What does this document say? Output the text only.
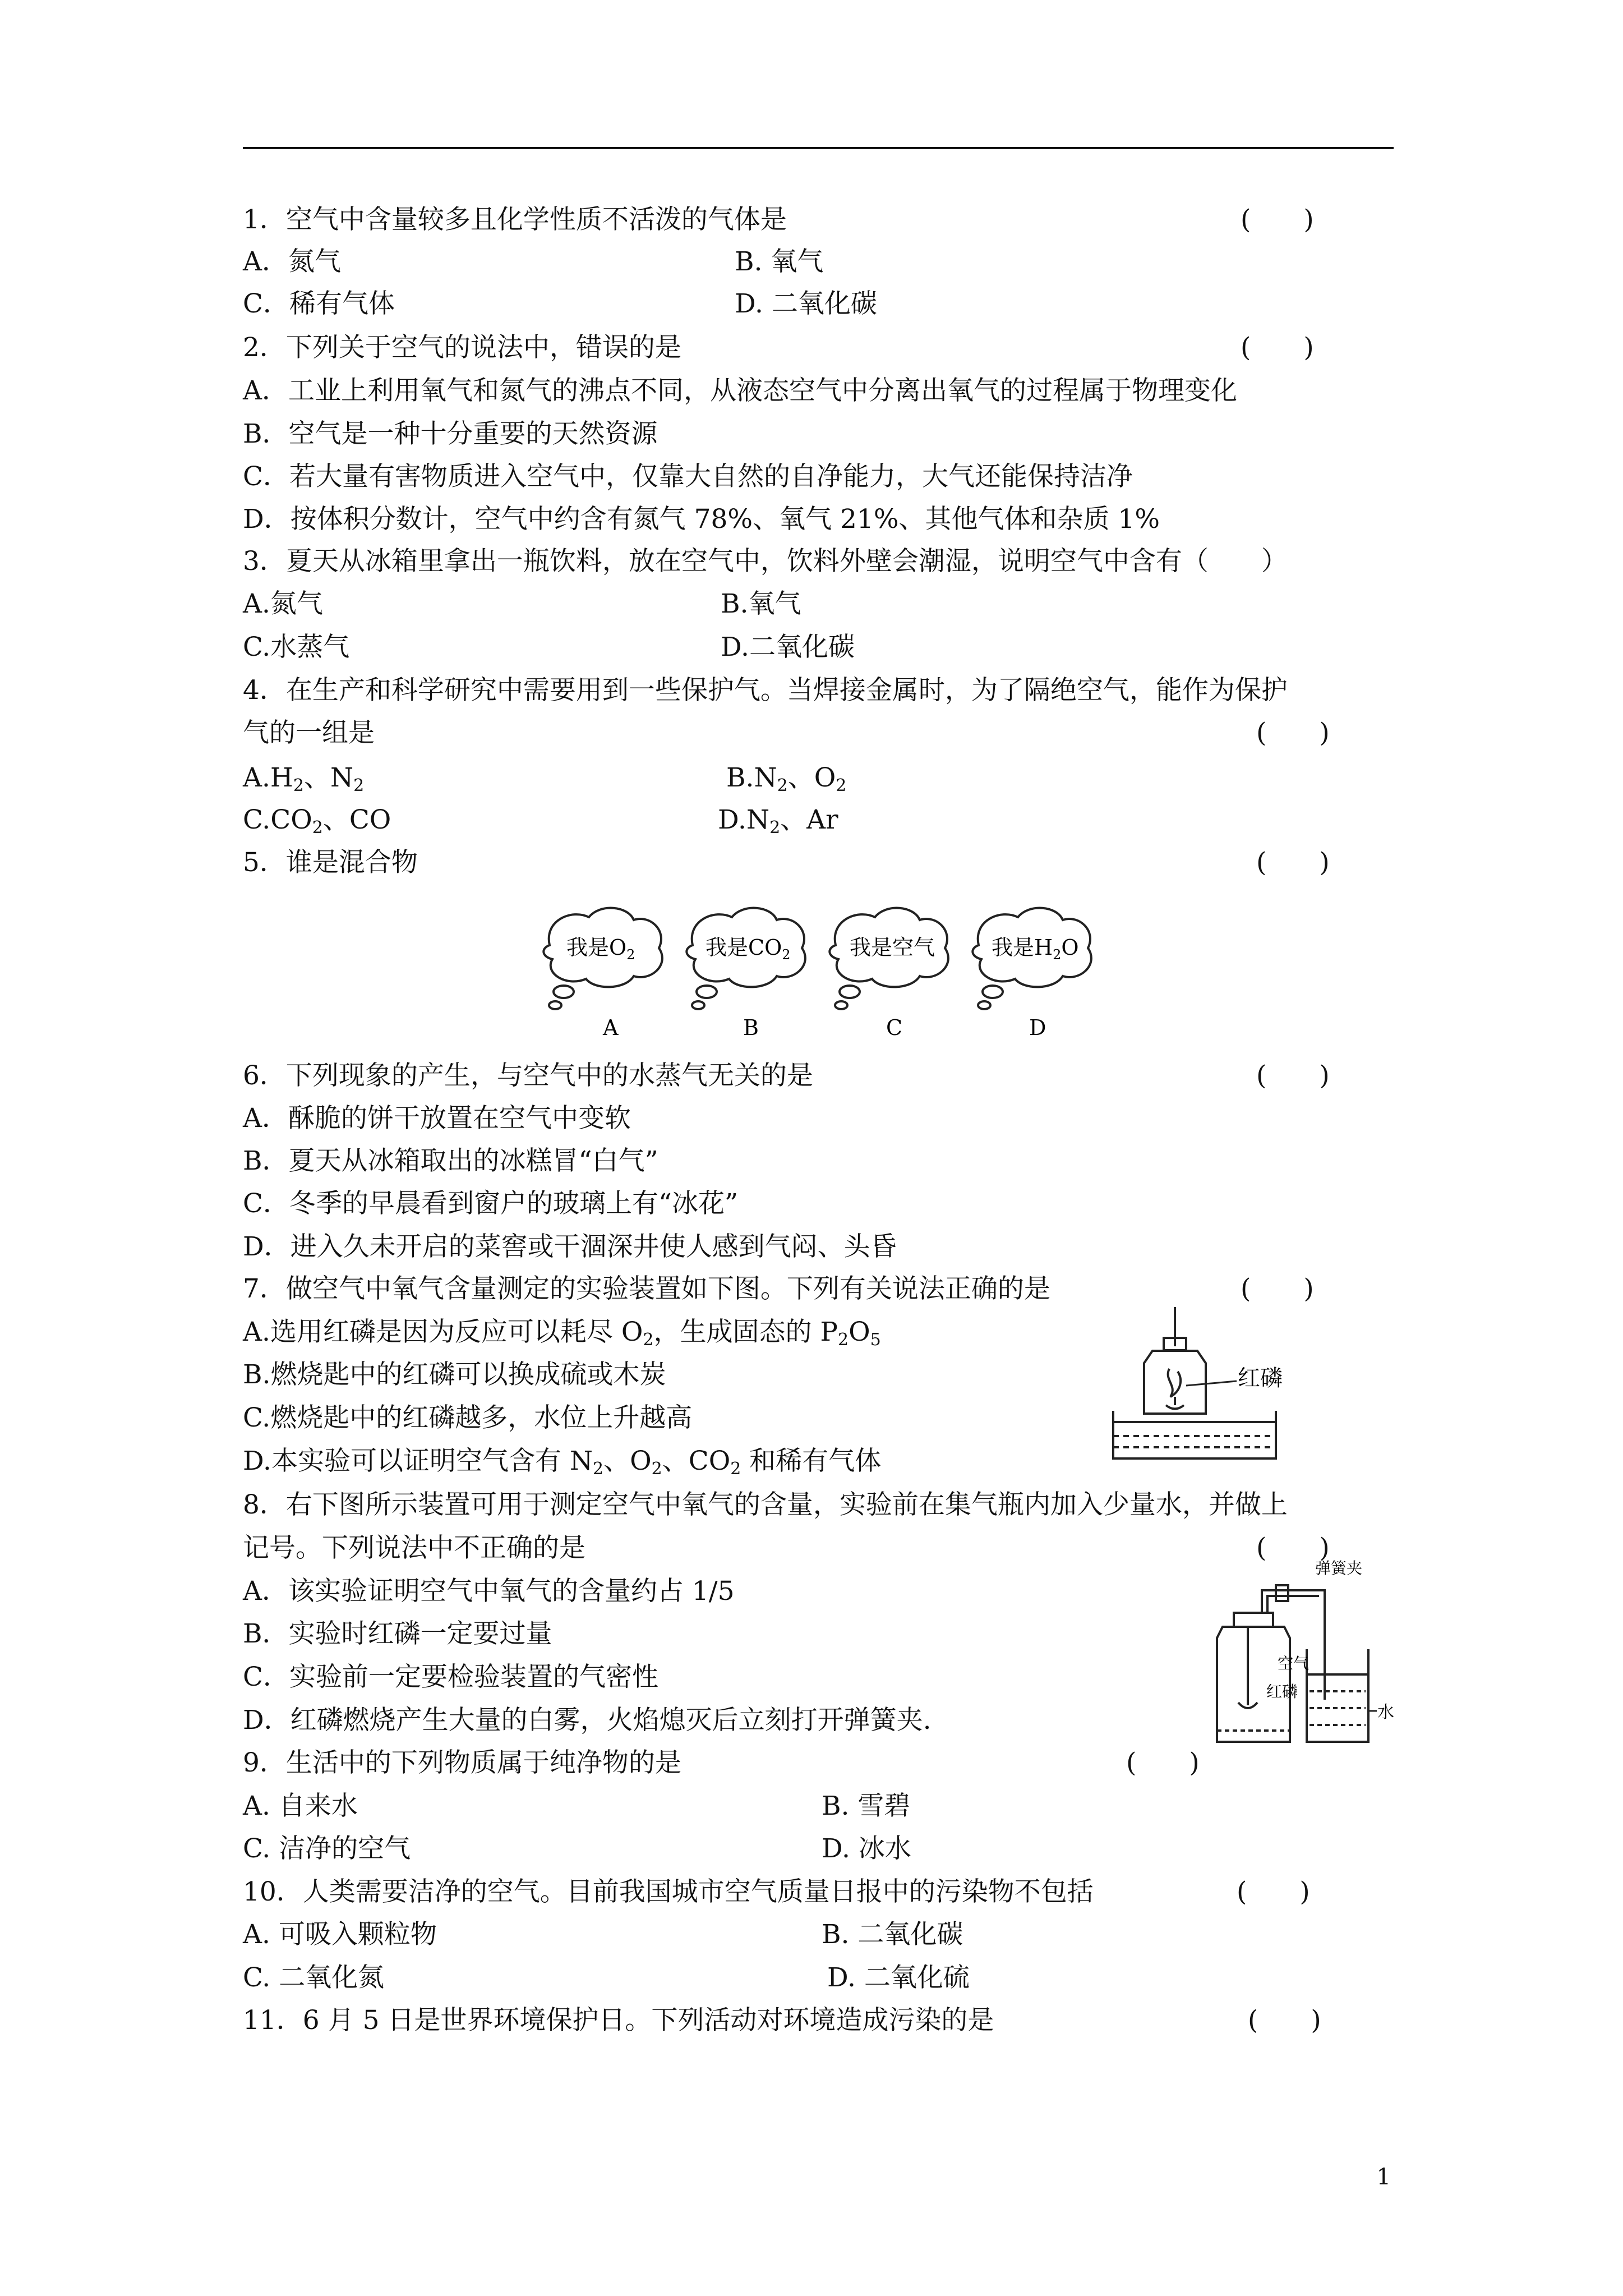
1．空气中含量较多且化学性质不活泼的气体是	(　　)
A．氮气	B. 氧气
C．稀有气体	D. 二氧化碳
2．下列关于空气的说法中，错误的是	(　　)
A．工业上利用氧气和氮气的沸点不同，从液态空气中分离出氧气的过程属于物理变化
B．空气是一种十分重要的天然资源
C．若大量有害物质进入空气中，仅靠大自然的自净能力，大气还能保持洁净
D．按体积分数计，空气中约含有氮气 78%、氧气 21%、其他气体和杂质 1%
3．夏天从冰箱里拿出一瓶饮料，放在空气中，饮料外壁会潮湿，说明空气中含有（　　）
A.氮气	B.氧气
C.水蒸气	D.二氧化碳
4．在生产和科学研究中需要用到一些保护气。当焊接金属时，为了隔绝空气，能作为保护
气的一组是	(　　)
$A.H_2$、$N_2$	$B.N_2$、$O_2$
$C.CO_2$、CO	$D.N_2$、Ar
5．谁是混合物	(　　)
我是$O_2$	我是$CO_2$	我是空气	我是$H_2O$
A	B	C	D
6．下列现象的产生，与空气中的水蒸气无关的是	(　　)
A．酥脆的饼干放置在空气中变软
B．夏天从冰箱取出的冰糕冒“白气”
C．冬季的早晨看到窗户的玻璃上有“冰花”
D．进入久未开启的菜窖或干涸深井使人感到气闷、头昏
7．做空气中氧气含量测定的实验装置如下图。下列有关说法正确的是	(　　)
A.选用红磷是因为反应可以耗尽 $O_2$，生成固态的 $P_2O_5$
B.燃烧匙中的红磷可以换成硫或木炭
C.燃烧匙中的红磷越多，水位上升越高
D.本实验可以证明空气含有 $N_2$、$O_2$、$CO_2$ 和稀有气体
红磷
8．右下图所示装置可用于测定空气中氧气的含量，实验前在集气瓶内加入少量水，并做上
记号。下列说法中不正确的是	(　　)
A．该实验证明空气中氧气的含量约占 1/5
B．实验时红磷一定要过量
C．实验前一定要检验装置的气密性
D．红磷燃烧产生大量的白雾，火焰熄灭后立刻打开弹簧夹.
弹簧夹
空气
红磷
水
9．生活中的下列物质属于纯净物的是	(　　)
A. 自来水	B. 雪碧
C. 洁净的空气	D. 冰水
10．人类需要洁净的空气。目前我国城市空气质量日报中的污染物不包括	(　　)
A. 可吸入颗粒物	B. 二氧化碳
C. 二氧化氮	D. 二氧化硫
11．6 月 5 日是世界环境保护日。下列活动对环境造成污染的是	(　　)
1
